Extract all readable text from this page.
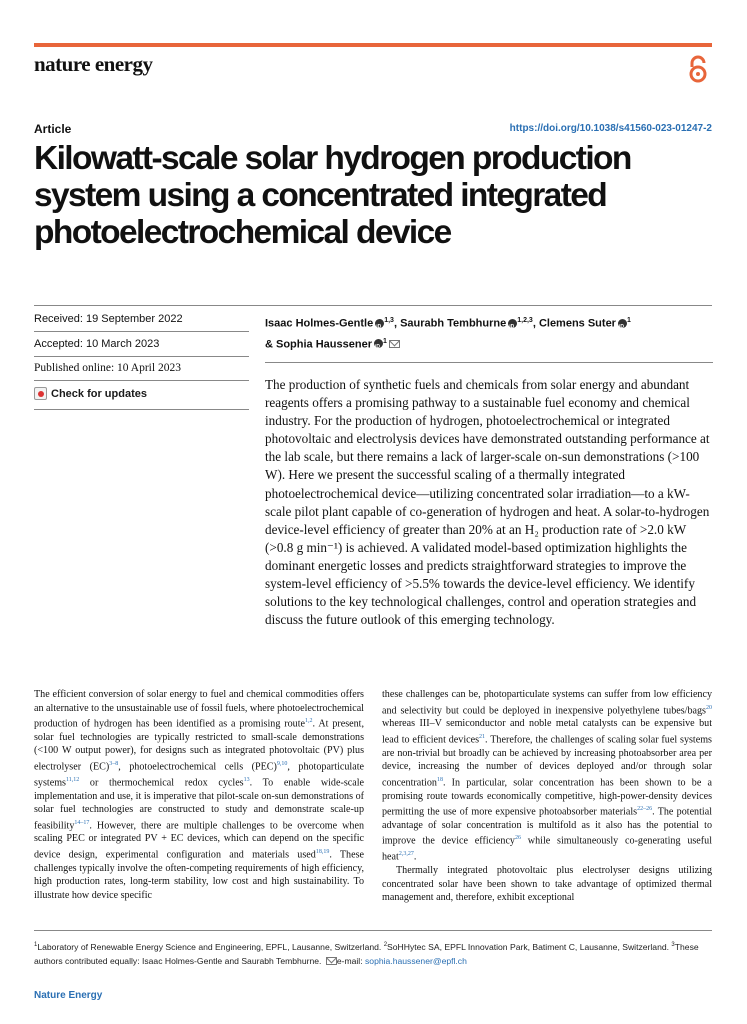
nature energy
Article	https://doi.org/10.1038/s41560-023-01247-2
Kilowatt-scale solar hydrogen production system using a concentrated integrated photoelectrochemical device
Received: 19 September 2022
Accepted: 10 March 2023
Published online: 10 April 2023
Check for updates
Isaac Holmes-Gentle iD $^{1,3}$, Saurabh Tembhurne iD $^{1,2,3}$, Clemens Suter iD $^1$
& Sophia Haussener iD $^1$

The production of synthetic fuels and chemicals from solar energy and abundant reagents offers a promising pathway to a sustainable fuel economy and chemical industry. For the production of hydrogen, photoelectrochemical or integrated photovoltaic and electrolysis devices have demonstrated outstanding performance at the lab scale, but there remains a lack of larger-scale on-sun demonstrations (>100 W). Here we present the successful scaling of a thermally integrated photoelectrochemical device—utilizing concentrated solar irradiation—to a kW-scale pilot plant capable of co-generation of hydrogen and heat. A solar-to-hydrogen device-level efficiency of greater than 20% at an H₂ production rate of >2.0 kW (>0.8 g min⁻¹) is achieved. A validated model-based optimization highlights the dominant energetic losses and predicts straightforward strategies to improve the system-level efficiency of >5.5% towards the device-level efficiency. We identify solutions to the key technological challenges, control and operation strategies and discuss the future outlook of this emerging technology.

The efficient conversion of solar energy to fuel and chemical commodities offers an alternative to the unsustainable use of fossil fuels, where photoelectrochemical production of hydrogen has been identified as a promising route$^{1,2}$. At present, solar fuel technologies are typically restricted to small-scale demonstrations (<100 W output power), for designs such as integrated photovoltaic (PV) plus electrolyser (EC)$^{3-8}$, photoelectrochemical cells (PEC)$^{9,10}$, photoparticulate systems$^{11,12}$ or thermochemical redox cycles$^{13}$. To enable wide-scale implementation and use, it is imperative that pilot-scale on-sun demonstrations of solar fuel technologies are constructed to study and demonstrate scale-up feasibility$^{14-17}$. However, there are multiple challenges to be overcome when scaling PEC or integrated PV + EC devices, which can depend on the specific device design, experimental configuration and materials used$^{18,19}$. These challenges typically involve the often-competing requirements of high efficiency, high production rates, long-term stability, low cost and high sustainability. To illustrate how device specific

these challenges can be, photoparticulate systems can suffer from low efficiency and selectivity but could be deployed in inexpensive polyethylene tubes/bags$^{20}$ whereas III–V semiconductor and noble metal catalysts can be expensive but lead to efficient devices$^{21}$. Therefore, the challenges of scaling solar fuel systems are non-trivial but broadly can be achieved by increasing photoabsorber area per device, increasing the number of devices deployed and/or through solar concentration$^{18}$. In particular, solar concentration has been shown to be a promising route towards economically competitive, high-power-density devices permitting the use of more expensive photoabsorber materials$^{22-26}$. The potential advantage of solar concentration is multifold as it also has the potential to improve the device efficiency$^{26}$ while simultaneously co-generating useful heat$^{2,3,27}$.

Thermally integrated photovoltaic plus electrolyser designs utilizing concentrated solar have been shown to take advantage of optimized thermal management and, therefore, exhibit exceptional

$^1$Laboratory of Renewable Energy Science and Engineering, EPFL, Lausanne, Switzerland. $^2$SoHHytec SA, EPFL Innovation Park, Batiment C, Lausanne, Switzerland. $^3$These authors contributed equally: Isaac Holmes-Gentle and Saurabh Tembhurne. e-mail: sophia.haussener@epfl.ch
Nature Energy
